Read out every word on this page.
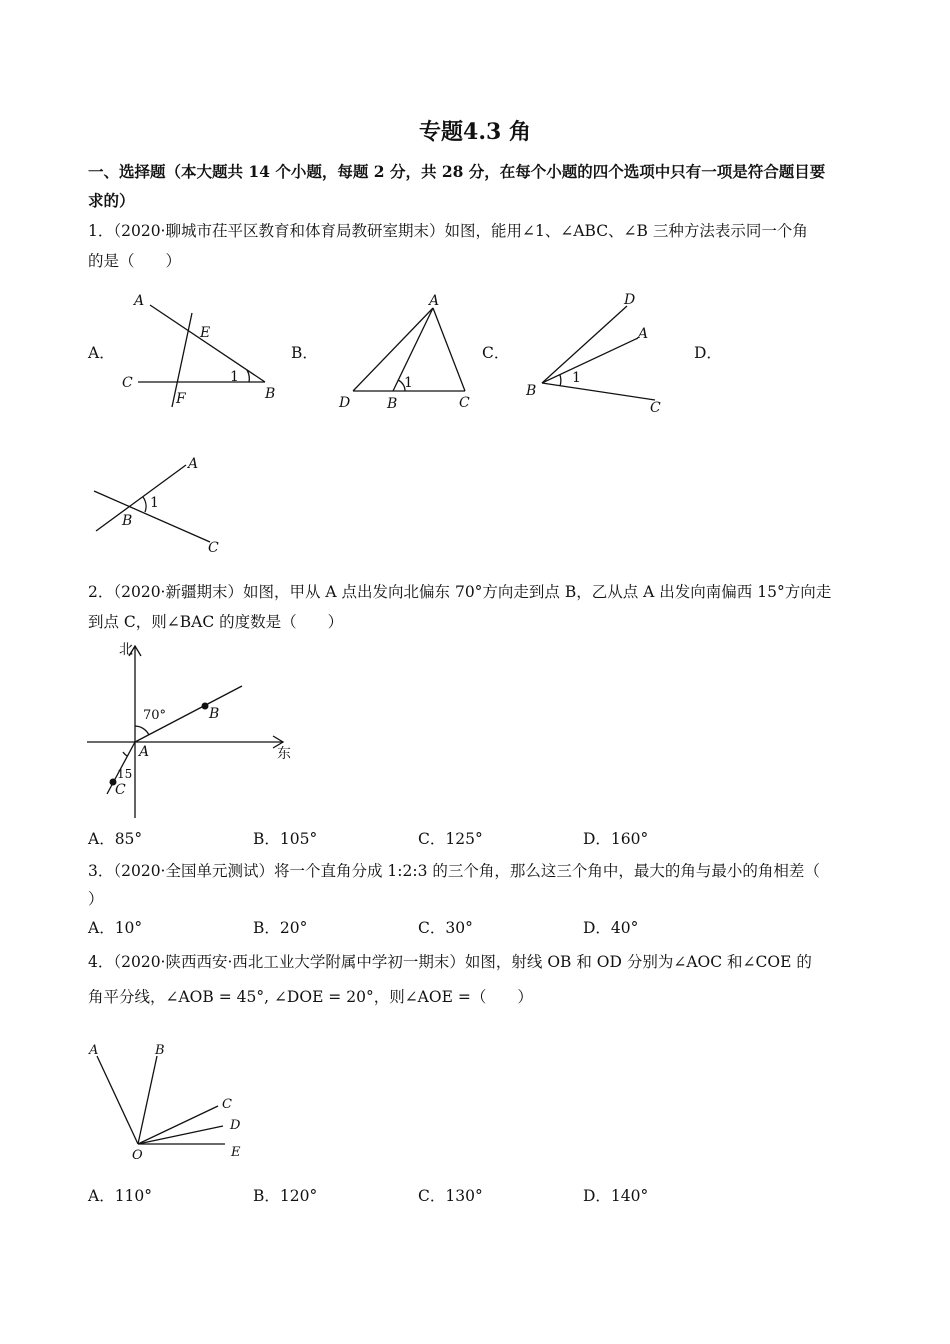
专题4.3 角
一、选择题（本大题共 14 个小题，每题 2 分，共 28 分，在每个小题的四个选项中只有一项是符合题目要
求的）
1．（2020·聊城市茌平区教育和体育局教研室期末）如图，能用∠1、∠ABC、∠B 三种方法表示同一个角
的是（　　）
A．	B．	C．	D．
A
E
C	1
B
F
A
D	B
1
C
D
A
B
1
C
A
B
1
C
2．（2020·新疆期末）如图，甲从 A 点出发向北偏东 70°方向走到点 B，乙从点 A 出发向南偏西 15°方向走
到点 C，则∠BAC 的度数是（　　）
北
70°	B
A	东
15
C
A．85°	B．105°	C．125°	D．160°
3．（2020·全国单元测试）将一个直角分成 1:2:3 的三个角，那么这三个角中，最大的角与最小的角相差（
）
A．10°	B．20°	C．30°	D．40°
4．（2020·陕西西安·西北工业大学附属中学初一期末）如图，射线 OB 和 OD 分别为∠AOC 和∠COE 的
角平分线，∠AOB = 45°, ∠DOE = 20°，则∠AOE =（　　）
A	B
C
D
O	E
A．110°	B．120°	C．130°	D．140°
